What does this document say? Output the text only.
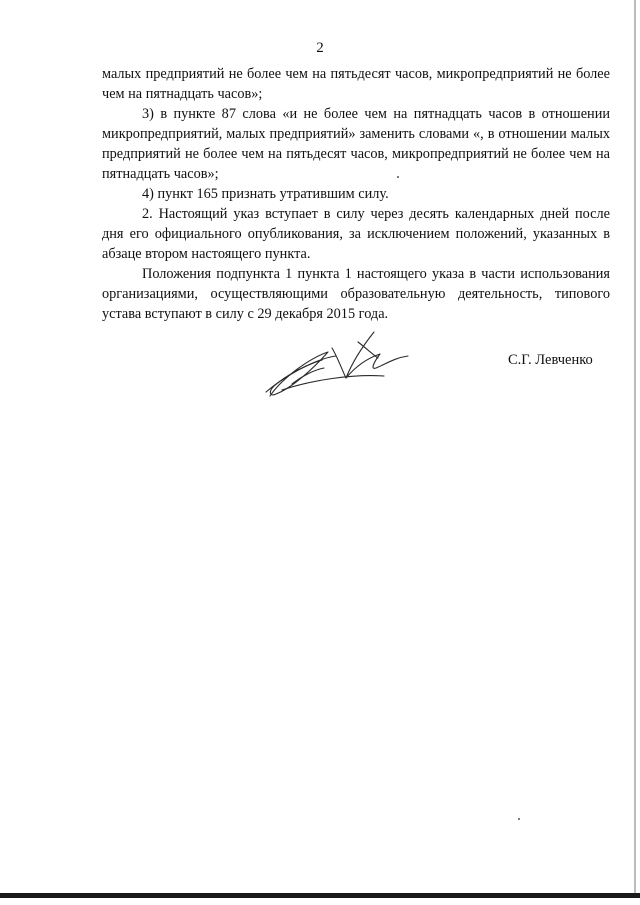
2

малых предприятий не более чем на пятьдесят часов, микропредприятий не более чем на пятнадцать часов»;

3) в пункте 87 слова «и не более чем на пятнадцать часов в отношении микропредприятий, малых предприятий» заменить словами «, в отношении малых предприятий не более чем на пятьдесят часов, микропредприятий не более чем на пятнадцать часов»;

4) пункт 165 признать утратившим силу.

2. Настоящий указ вступает в силу через десять календарных дней после дня его официального опубликования, за исключением положений, указанных в абзаце втором настоящего пункта.

Положения подпункта 1 пункта 1 настоящего указа в части использования организациями, осуществляющими образовательную деятельность, типового устава вступают в силу с 29 декабря 2015 года.

С.Г. Левченко
